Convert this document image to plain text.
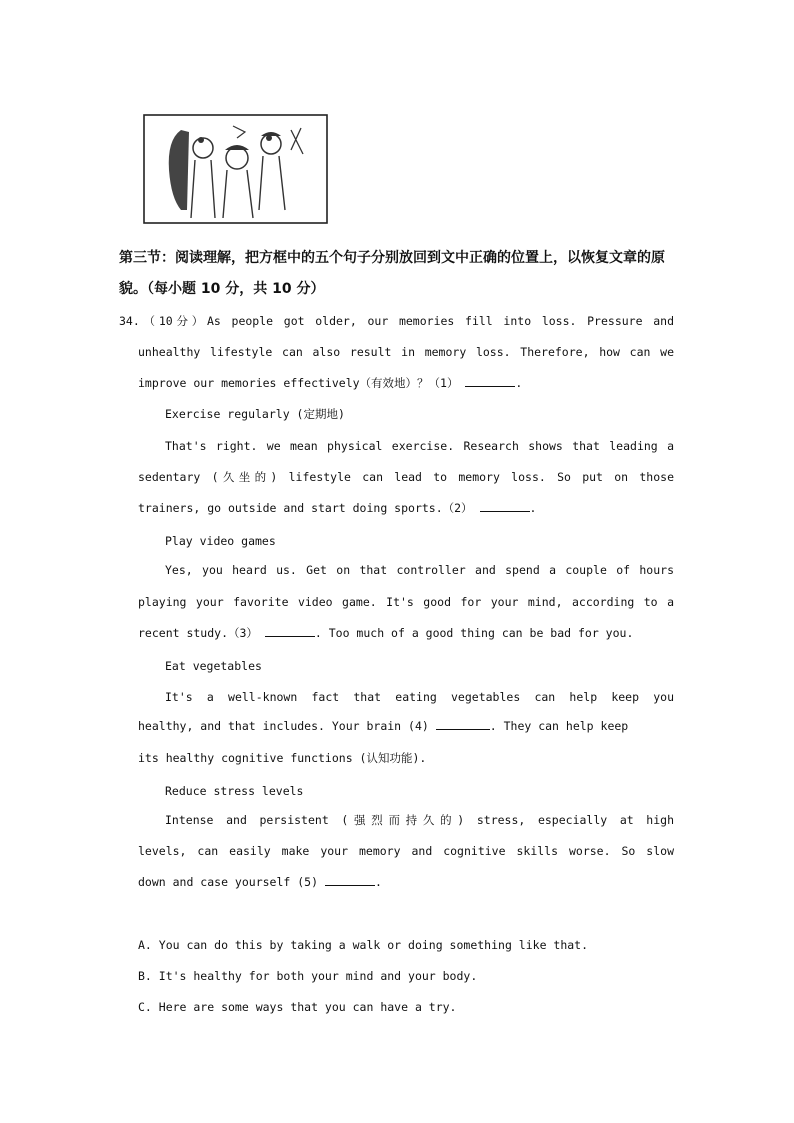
第三节：阅读理解，把方框中的五个句子分别放回到文中正确的位置上，以恢复文章的原
貌。（每小题 10 分，共 10 分）
34.（10分）As people got older, our memories fill into loss. Pressure and
unhealthy lifestyle can also result in memory loss. Therefore, how can we
improve our memories effectively（有效地）？（1）	.
Exercise regularly (定期地)
That's right. we mean physical exercise. Research shows that leading a
sedentary (久坐的) lifestyle can lead to memory loss. So put on those
trainers, go outside and start doing sports.（2）	.
Play video games
Yes, you heard us. Get on that controller and spend a couple of hours
playing your favorite video game. It's good for your mind, according to a
recent study.（3）	. Too much of a good thing can be bad for you.
Eat vegetables
It's a well-known fact that eating vegetables can help keep you
healthy, and that includes. Your brain (4)	. They can help keep
its healthy cognitive functions (认知功能).
Reduce stress levels
Intense and persistent (强烈而持久的) stress, especially at high
levels, can easily make your memory and cognitive skills worse. So slow
down and case yourself (5)	.
A. You can do this by taking a walk or doing something like that.
B. It's healthy for both your mind and your body.
C. Here are some ways that you can have a try.
